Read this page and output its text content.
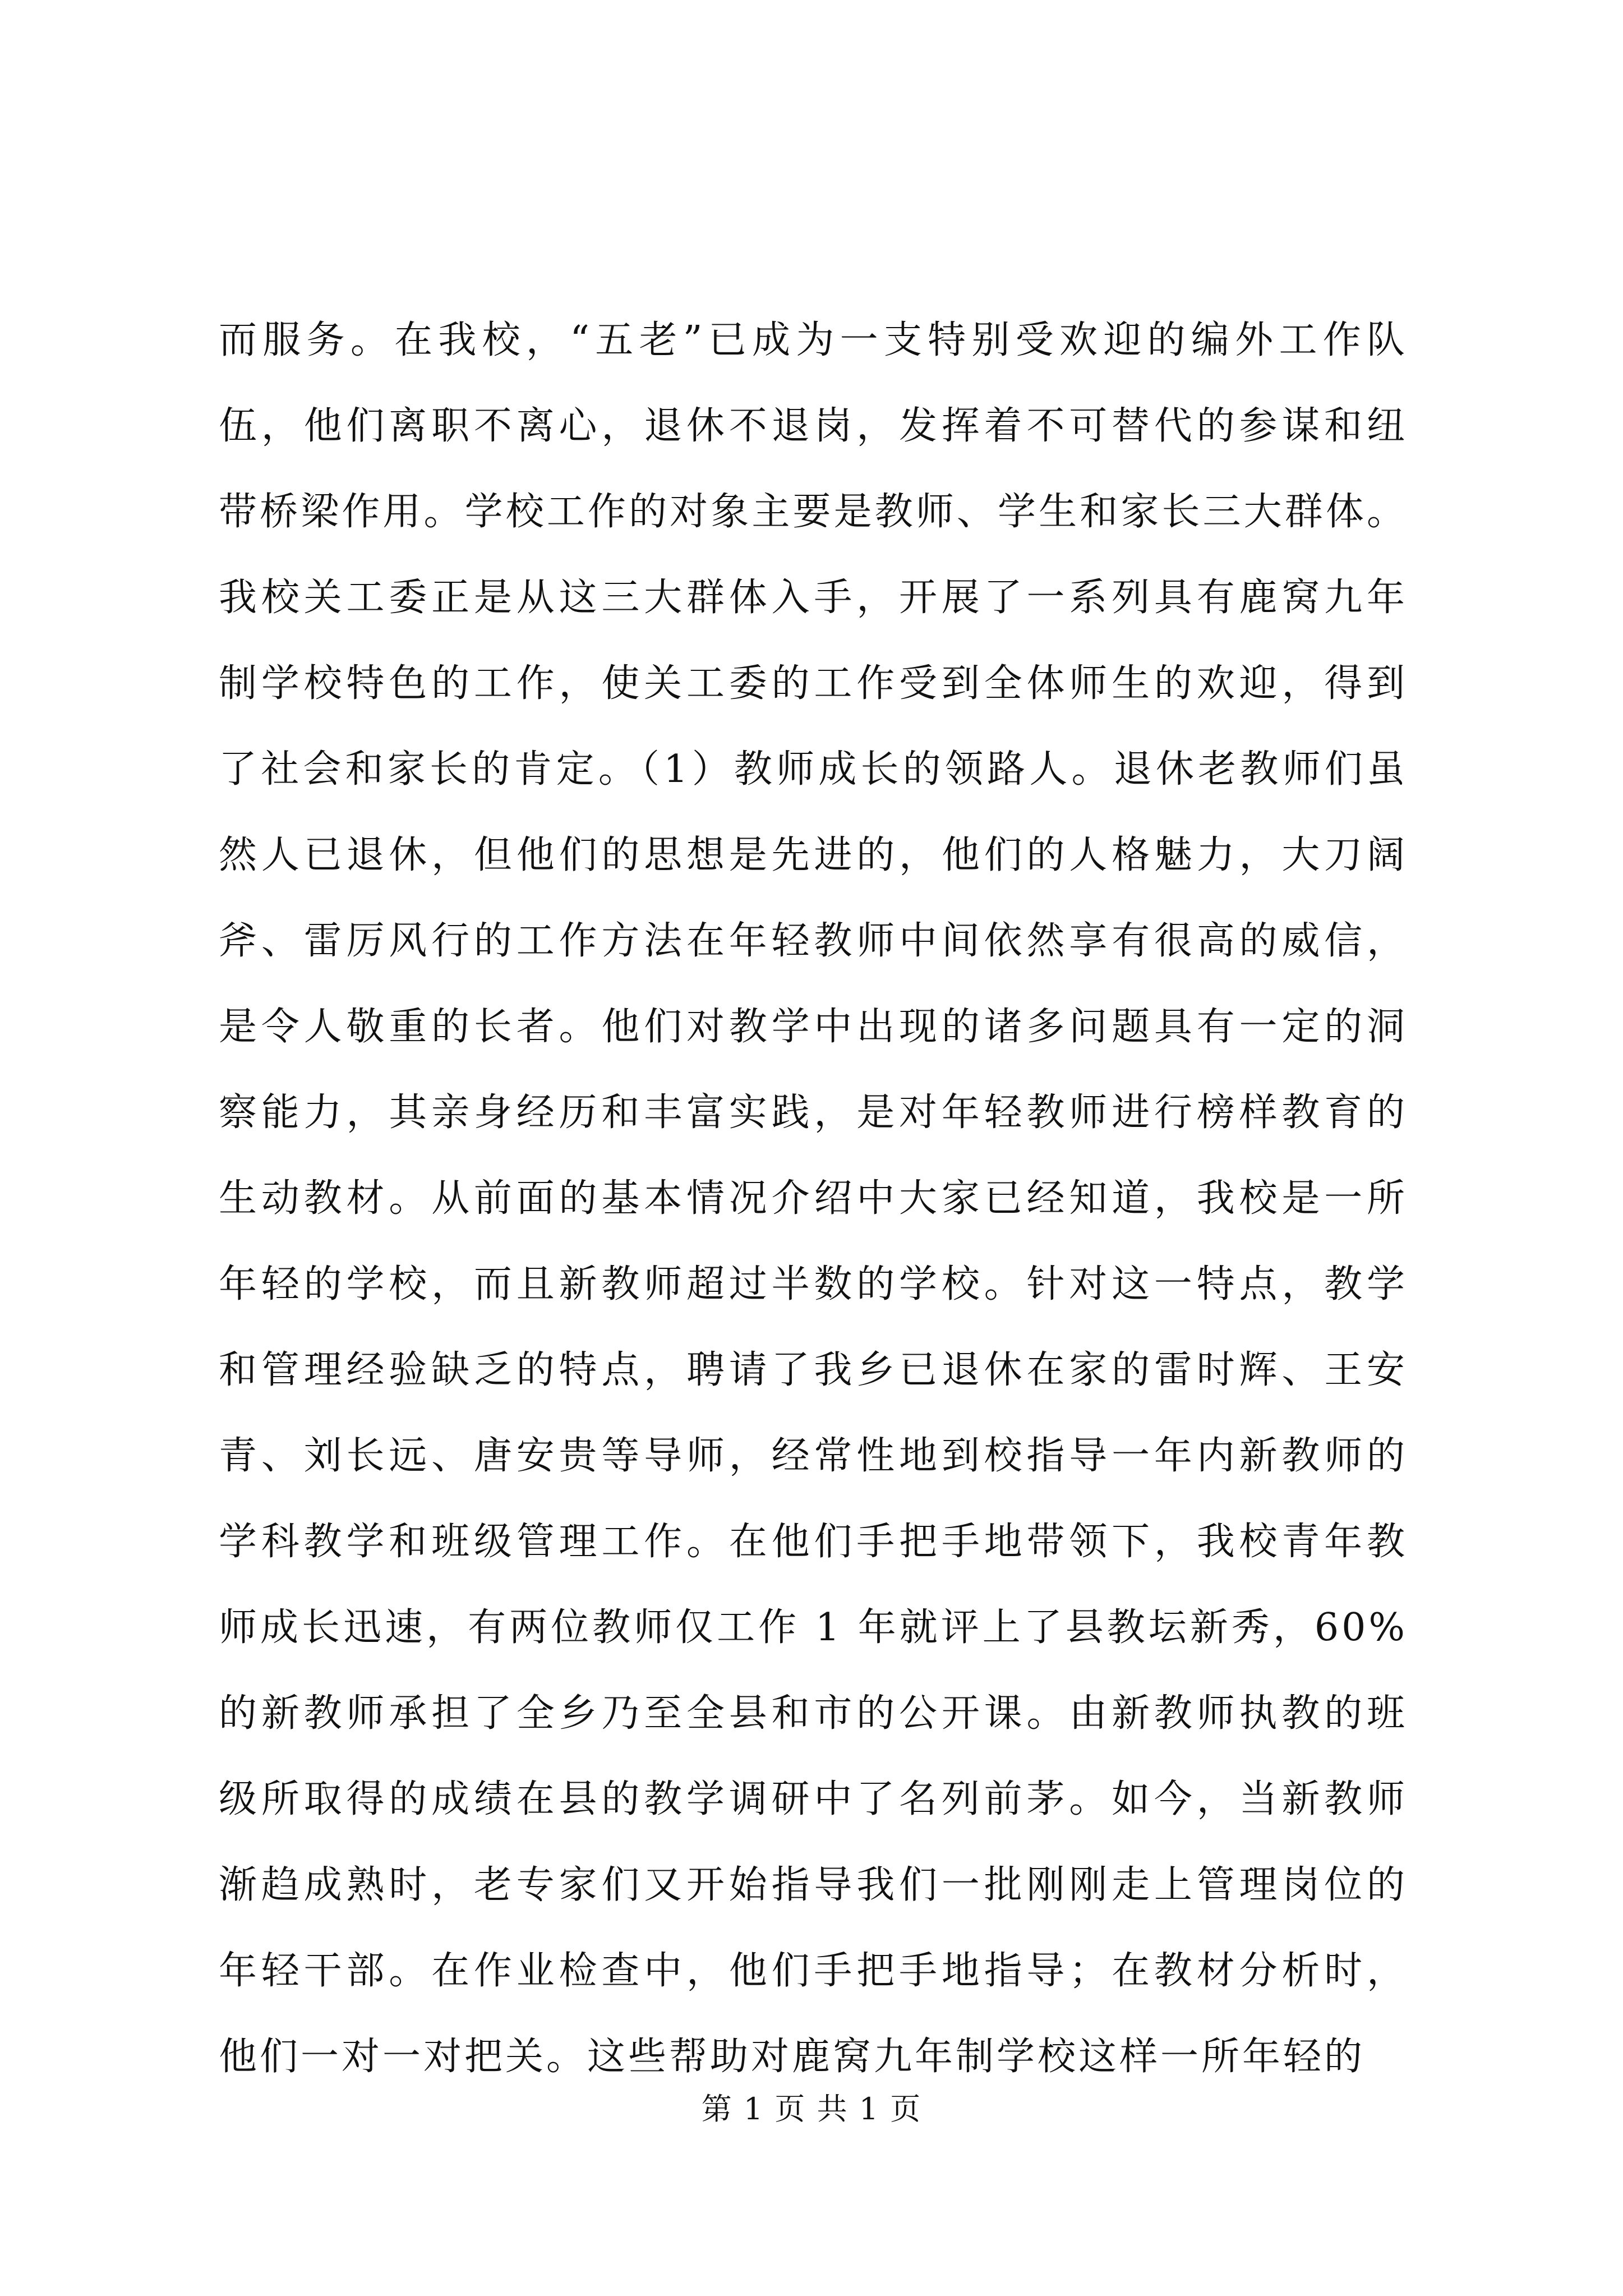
而服务。在我校，“五老”已成为一支特别受欢迎的编外工作队
伍，他们离职不离心，退休不退岗，发挥着不可替代的参谋和纽
带桥梁作用。学校工作的对象主要是教师、学生和家长三大群体。
我校关工委正是从这三大群体入手，开展了一系列具有鹿窝九年
制学校特色的工作，使关工委的工作受到全体师生的欢迎，得到
了社会和家长的肯定。（1）教师成长的领路人。退休老教师们虽
然人已退休，但他们的思想是先进的，他们的人格魅力，大刀阔
斧、雷厉风行的工作方法在年轻教师中间依然享有很高的威信，
是令人敬重的长者。他们对教学中出现的诸多问题具有一定的洞
察能力，其亲身经历和丰富实践，是对年轻教师进行榜样教育的
生动教材。从前面的基本情况介绍中大家已经知道，我校是一所
年轻的学校，而且新教师超过半数的学校。针对这一特点，教学
和管理经验缺乏的特点，聘请了我乡已退休在家的雷时辉、王安
青、刘长远、唐安贵等导师，经常性地到校指导一年内新教师的
学科教学和班级管理工作。在他们手把手地带领下，我校青年教
师成长迅速，有两位教师仅工作 1 年就评上了县教坛新秀，60%
的新教师承担了全乡乃至全县和市的公开课。由新教师执教的班
级所取得的成绩在县的教学调研中了名列前茅。如今，当新教师
渐趋成熟时，老专家们又开始指导我们一批刚刚走上管理岗位的
年轻干部。在作业检查中，他们手把手地指导；在教材分析时，
他们一对一对把关。这些帮助对鹿窝九年制学校这样一所年轻的
第 1 页 共 1 页
